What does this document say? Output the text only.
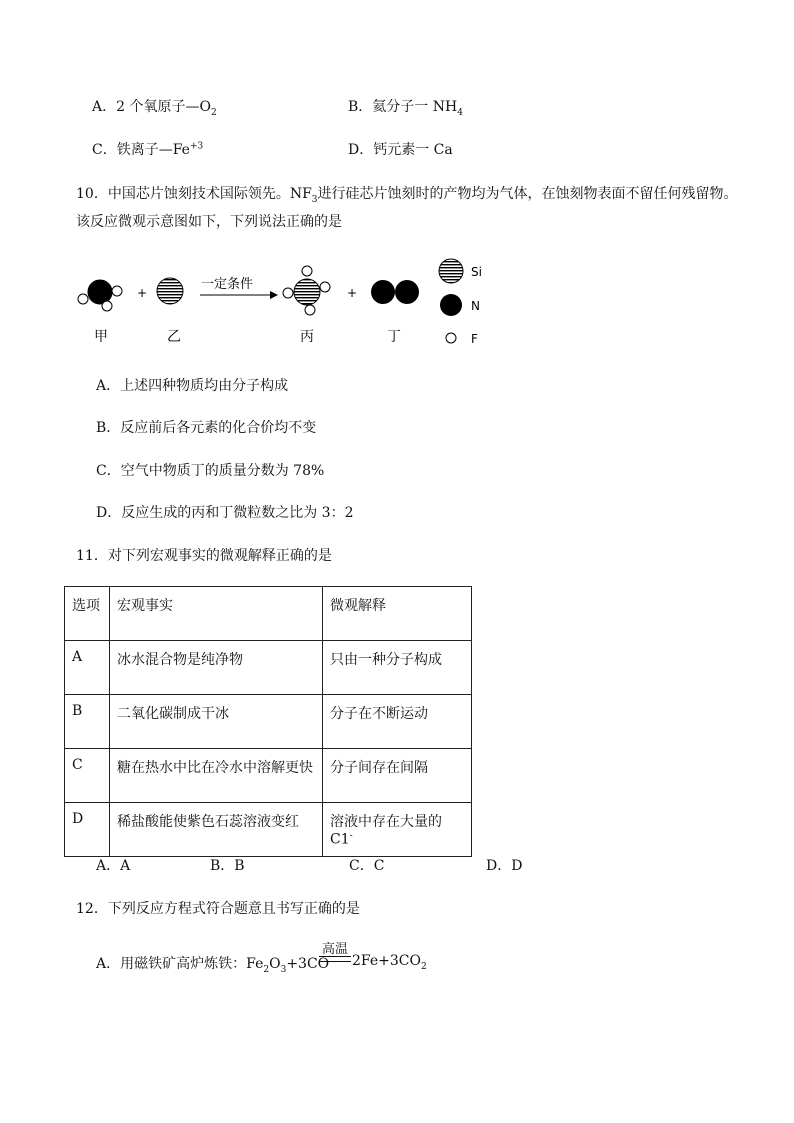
A．2 个氧原子$—O_2$	B．氦分子一 $NH_4$
C．铁离子$—Fe^{+3}$	D．钙元素一 Ca
10．中国芯片蚀刻技术国际领先。$NF_3$进行硅芯片蚀刻时的产物均为气体，在蚀刻物表面不留任何残留物。
该反应微观示意图如下，下列说法正确的是
+
一定条件
+
Si
N
F
甲	乙	丙	丁
A．上述四种物质均由分子构成
B．反应前后各元素的化合价均不变
C．空气中物质丁的质量分数为 78%
D．反应生成的丙和丁微粒数之比为 3：2
11．对下列宏观事实的微观解释正确的是
选项	宏观事实	微观解释
A	冰水混合物是纯净物	只由一种分子构成
B	二氧化碳制成干冰	分子在不断运动
C	糖在热水中比在冷水中溶解更快	分子间存在间隔
D	稀盐酸能使紫色石蕊溶液变红	溶液中存在大量的 C1-
A．A	B．B	C．C	D．D
12．下列反应方程式符合题意且书写正确的是
A．用磁铁矿高炉炼铁：$Fe_2O_3+3CO$
高温
$2Fe+3CO_2$
